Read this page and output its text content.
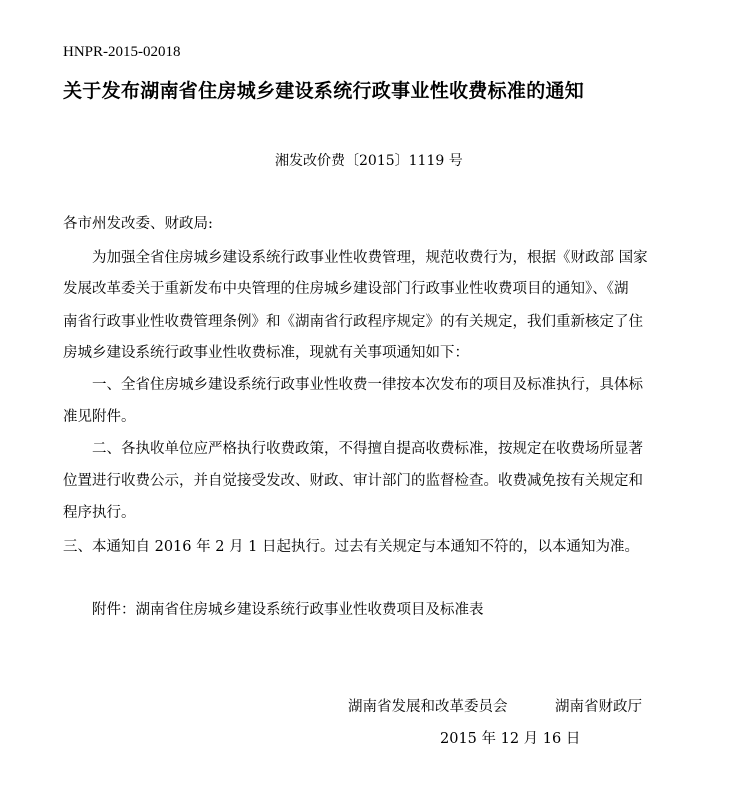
HNPR-2015-02018
关于发布湖南省住房城乡建设系统行政事业性收费标准的通知
湘发改价费〔2015〕1119 号
各市州发改委、财政局:
为加强全省住房城乡建设系统行政事业性收费管理，规范收费行为，根据《财政部 国家
发展改革委关于重新发布中央管理的住房城乡建设部门行政事业性收费项目的通知》、《湖
南省行政事业性收费管理条例》和《湖南省行政程序规定》的有关规定，我们重新核定了住
房城乡建设系统行政事业性收费标准，现就有关事项通知如下：
一、全省住房城乡建设系统行政事业性收费一律按本次发布的项目及标准执行，具体标
准见附件。
二、各执收单位应严格执行收费政策，不得擅自提高收费标准，按规定在收费场所显著
位置进行收费公示，并自觉接受发改、财政、审计部门的监督检查。收费减免按有关规定和
程序执行。
三、本通知自 2016 年 2 月 1 日起执行。过去有关规定与本通知不符的，以本通知为准。
附件：湖南省住房城乡建设系统行政事业性收费项目及标准表
湖南省发展和改革委员会	湖南省财政厅
2015 年 12 月 16 日
